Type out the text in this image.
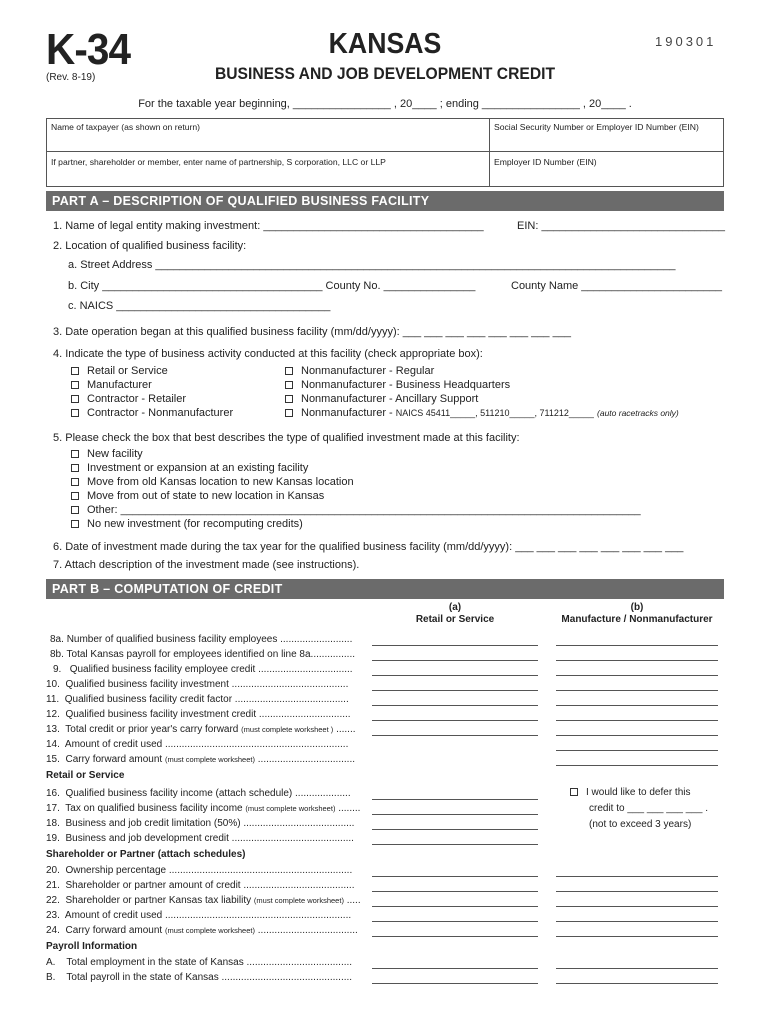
K-34
(Rev. 8-19)
190301
KANSAS
BUSINESS AND JOB DEVELOPMENT CREDIT
For the taxable year beginning, ________________ , 20____ ; ending ________________ , 20____ .
Name of taxpayer (as shown on return)	Social Security Number or Employer ID Number (EIN)
If partner, shareholder or member, enter name of partnership, S corporation, LLC or LLP	Employer ID Number (EIN)
PART A – DESCRIPTION OF QUALIFIED BUSINESS FACILITY
1. Name of legal entity making investment: ____________________________________	EIN: ______________________________
2. Location of qualified business facility:
a. Street Address _____________________________________________________________________________________
b. City ____________________________________ County No. _______________	County Name _______________________
c. NAICS ___________________________________
3. Date operation began at this qualified business facility (mm/dd/yyyy): ___ ___ ___ ___ ___ ___ ___ ___
4. Indicate the type of business activity conducted at this facility (check appropriate box):
Retail or Service
Manufacturer
Contractor - Retailer
Contractor - Nonmanufacturer
Nonmanufacturer - Regular
Nonmanufacturer - Business Headquarters
Nonmanufacturer - Ancillary Support
Nonmanufacturer - NAICS 45411_____, 511210_____, 711212_____ (auto racetracks only)
5. Please check the box that best describes the type of qualified investment made at this facility:
New facility
Investment or expansion at an existing facility
Move from old Kansas location to new Kansas location
Move from out of state to new location in Kansas
Other: _____________________________________________________________________________________
No new investment (for recomputing credits)
6. Date of investment made during the tax year for the qualified business facility (mm/dd/yyyy): ___ ___ ___ ___ ___ ___ ___ ___
7. Attach description of the investment made (see instructions).
PART B – COMPUTATION OF CREDIT
(a)
Retail or Service
(b)
Manufacture / Nonmanufacturer
8a. Number of qualified business facility employees ..........................
8b. Total Kansas payroll for employees identified on line 8a................
9. Qualified business facility employee credit ..................................
10. Qualified business facility investment ..........................................
11. Qualified business facility credit factor .........................................
12. Qualified business facility investment credit .................................
13. Total credit or prior year's carry forward (must complete worksheet ) .......
14. Amount of credit used ..................................................................
15. Carry forward amount (must complete worksheet) ...................................
Retail or Service
16. Qualified business facility income (attach schedule) ....................
17. Tax on qualified business facility income (must complete worksheet) ........
18. Business and job credit limitation (50%) ........................................
19. Business and job development credit ............................................
I would like to defer this
credit to ___ ___ ___ ___ .
(not to exceed 3 years)
Shareholder or Partner (attach schedules)
20. Ownership percentage ..................................................................
21. Shareholder or partner amount of credit ........................................
22. Shareholder or partner Kansas tax liability (must complete worksheet) .....
23. Amount of credit used ...................................................................
24. Carry forward amount (must complete worksheet) ....................................
Payroll Information
A. Total employment in the state of Kansas ......................................
B. Total payroll in the state of Kansas ...............................................
